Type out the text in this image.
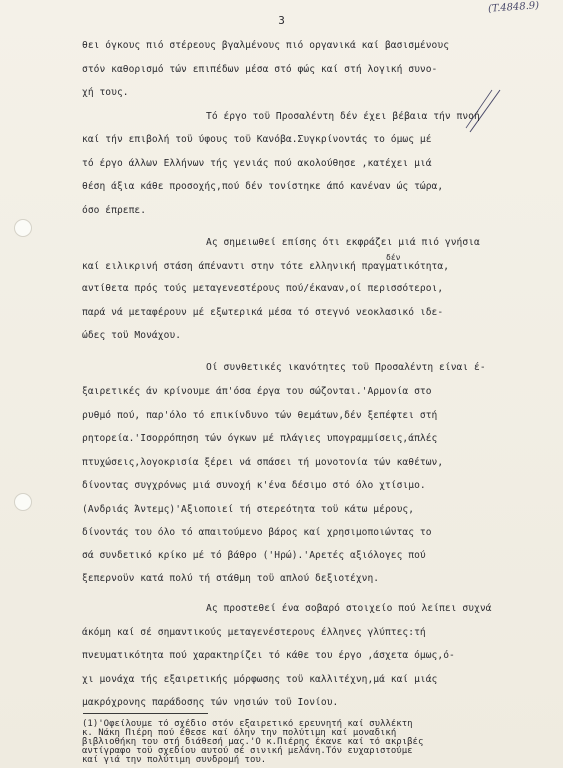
3
(T.4848.9)
θει όγκους πιό στέρεους βγαλμένους πιό οργανικά καί βασισμένους
στόν καθορισμό τών επιπέδων μέσα στό φώς καί στή λογική συνο-
χή τους.
Τό έργο τοϋ Προσαλέντη δέν έχει βέβαια τήν πνοή
καί τήν επιβολή τοϋ ύφους τοϋ Κανόβα.Συγκρίνοντάς το όμως μέ
τό έργο άλλων Ελλήνων τής γενιάς πού ακολούθησε ,κατέχει μιά
θέση άξια κάθε προσοχής,πού δέν τονίστηκε άπό κανέναν ώς τώρα,
όσο έπρεπε.
Ας σημειωθεί επίσης ότι εκφράζει μιά πιό γνήσια
καί ειλικρινή στάση άπέναντι στην τότε ελληνική πραγματικότητα,
δέν
αντίθετα πρός τούς μεταγενεστέρους πού/έκαναν,οί περισσότεροι,
παρά νά μεταφέρουν μέ εξωτερικά μέσα τό στεγνό νεοκλασικό ιδε-
ώδες τοϋ Μονάχου.
Οί συνθετικές ικανότητες τοϋ Προσαλέντη είναι έ-
ξαιρετικές άν κρίνουμε άπ'όσα έργα του σώζονται.'Αρμονία στο
ρυθμό πού, παρ'όλο τό επικίνδυνο τών θεμάτων,δέν ξεπέφτει στή
ρητορεία.'Ισορρόπηση τών όγκων μέ πλάγιες υπογραμμίσεις,άπλές
πτυχώσεις,λογοκρισία ξέρει νά σπάσει τή μονοτονία τών καθέτων,
δίνοντας συγχρόνως μιά συνοχή κ'ένα δέσιμο στό όλο χτίσιμο.
(Ανδριάς Άντεμς)'Αξιοποιεί τή στερεότητα τοϋ κάτω μέρους,
δίνοντάς του όλο τό απαιτούμενο βάρος καί χρησιμοποιώντας το
σά συνδετικό κρίκο μέ τό βάθρο ('Ηρώ).'Αρετές αξιόλογες πού
ξεπερνοϋν κατά πολύ τή στάθμη τοϋ απλού δεξιοτέχνη.
Ας προστεθεί ένα σοβαρό στοιχείο πού λείπει συχνά
άκόμη καί σέ σημαντικούς μεταγενέστερους έλληνες γλύπτες:τή
πνευματικότητα πού χαρακτηρίζει τό κάθε του έργο ,άσχετα όμως,ό-
χι μονάχα τής εξαιρετικής μόρφωσης τοϋ καλλιτέχνη,μά καί μιάς
μακρόχρονης παράδοσης τών νησιών τοϋ Ιονίου.
(1)'Οφείλουμε τό σχέδιο στόν εξαιρετικό ερευνητή καί συλλέκτη
κ. Νάκη Πιέρη πού έθεσε καί όλην την πολύτιμη καί μοναδική
βιβλιοθήκη του στή διάθεσή μας.'Ο κ.Πιέρης έκανε καί τό ακριβές
αντίγραφο τοϋ σχεδίου αυτού σέ σινική μελάνη.Τόν ευχαριστούμε
καί γιά την πολύτιμη συνδρομή του.
